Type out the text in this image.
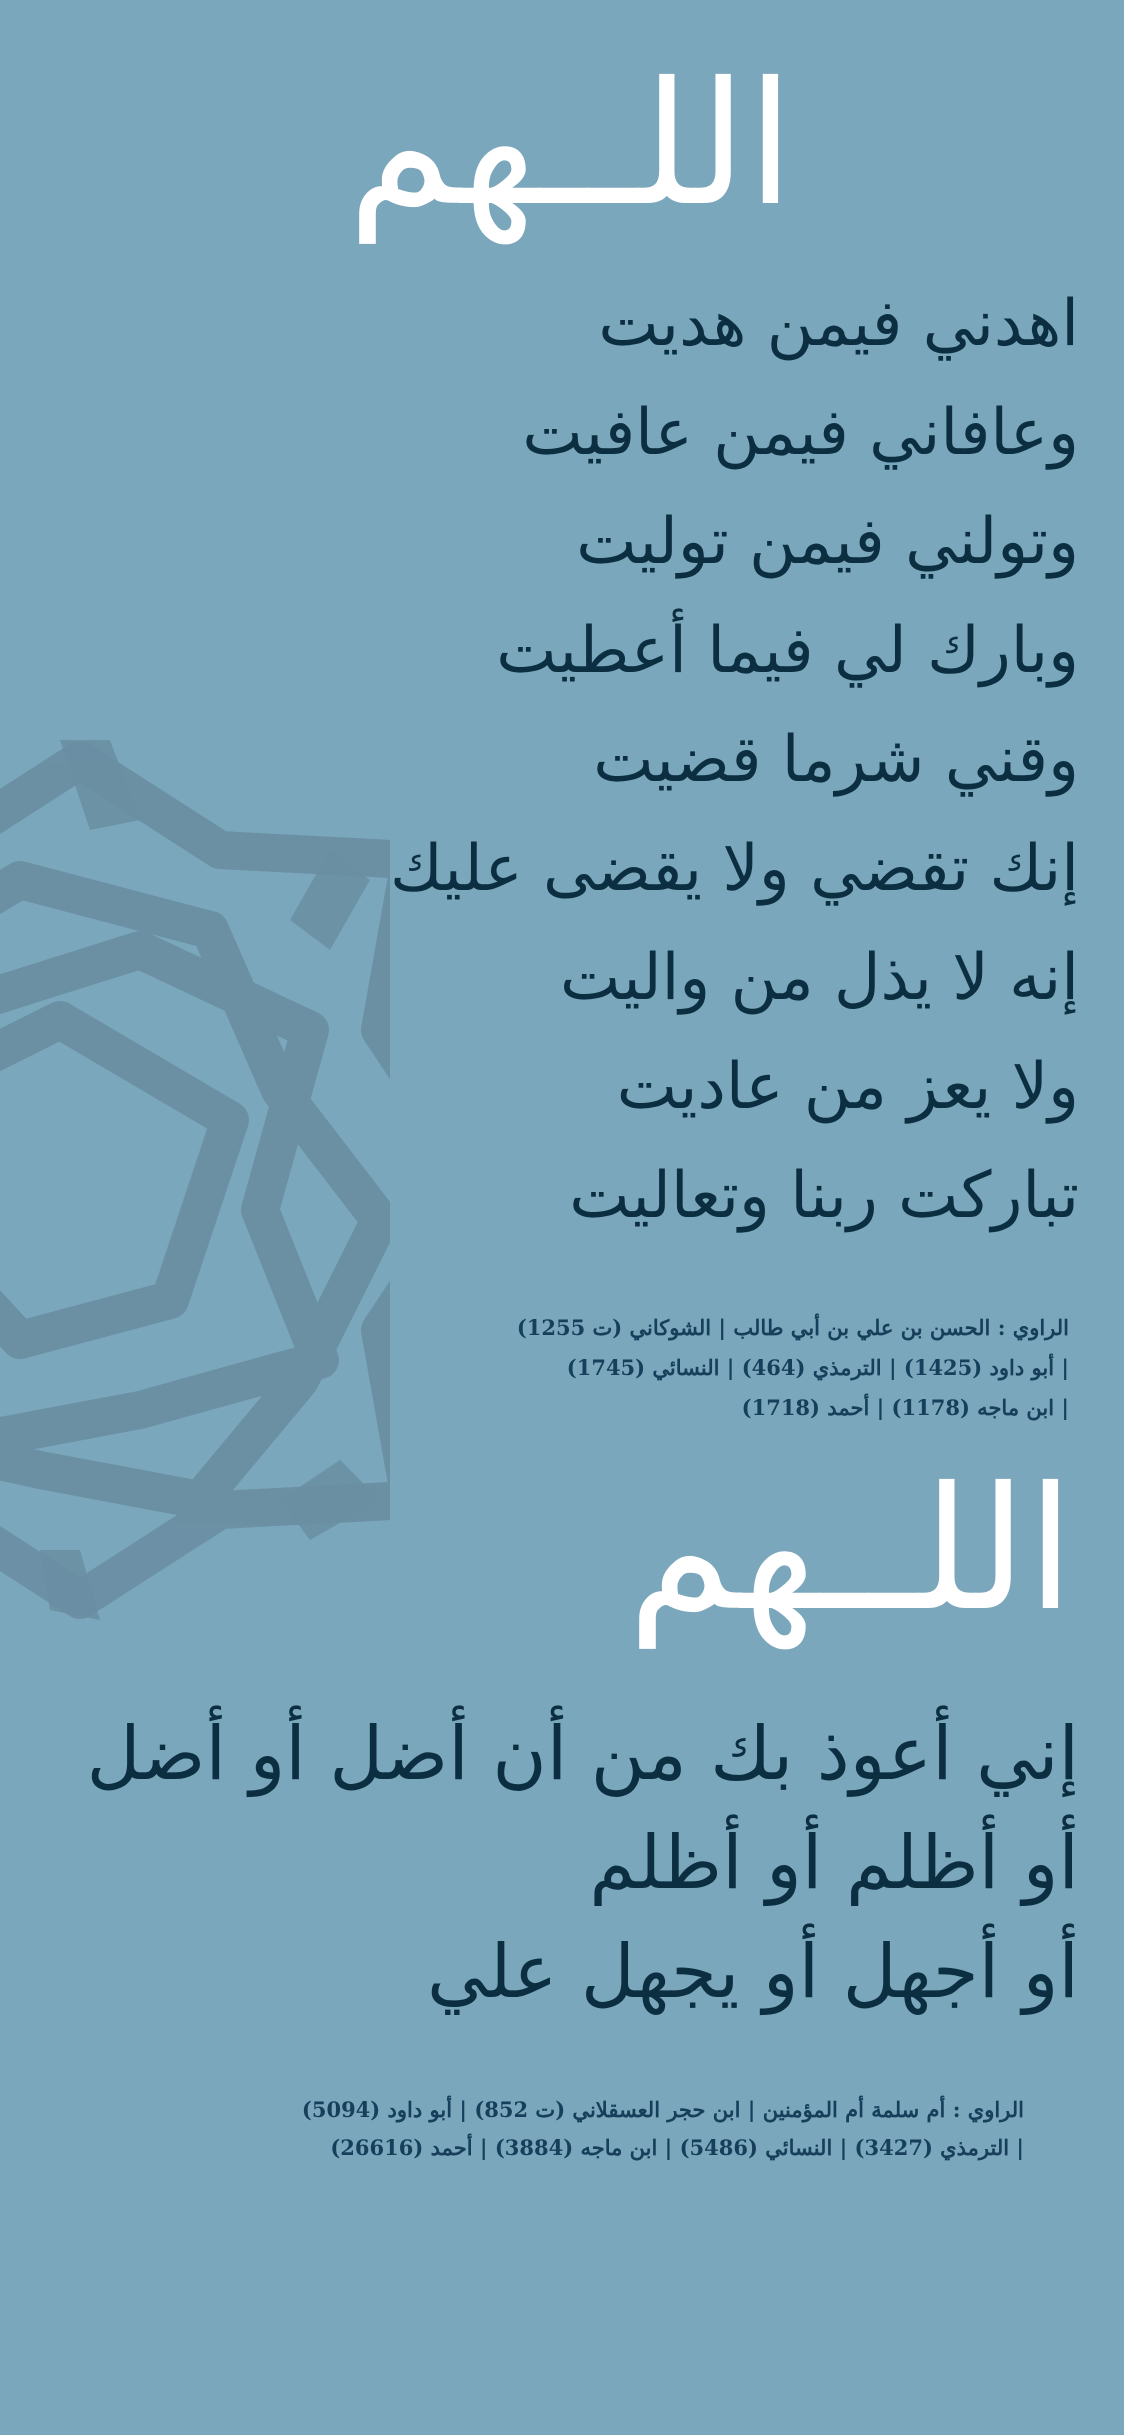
اللــهم
اهدني فيمن هديت
وعافاني فيمن عافيت
وتولني فيمن توليت
وبارك لي فيما أعطيت
وقني شرما قضيت
إنك تقضي ولا يقضى عليك
إنه لا يذل من واليت
ولا يعز من عاديت
تباركت ربنا وتعاليت
الراوي : الحسن بن علي بن أبي طالب | الشوكاني (ت 1255)
| أبو داود (1425) | الترمذي (464) | النسائي (1745)
| ابن ماجه (1178) | أحمد (1718)
اللــهم
إني أعوذ بك من أن أضل أو أضل
أو أظلم أو أظلم
أو أجهل أو يجهل علي
الراوي : أم سلمة أم المؤمنين | ابن حجر العسقلاني (ت 852) | أبو داود (5094)
| الترمذي (3427) | النسائي (5486) | ابن ماجه (3884) | أحمد (26616)
